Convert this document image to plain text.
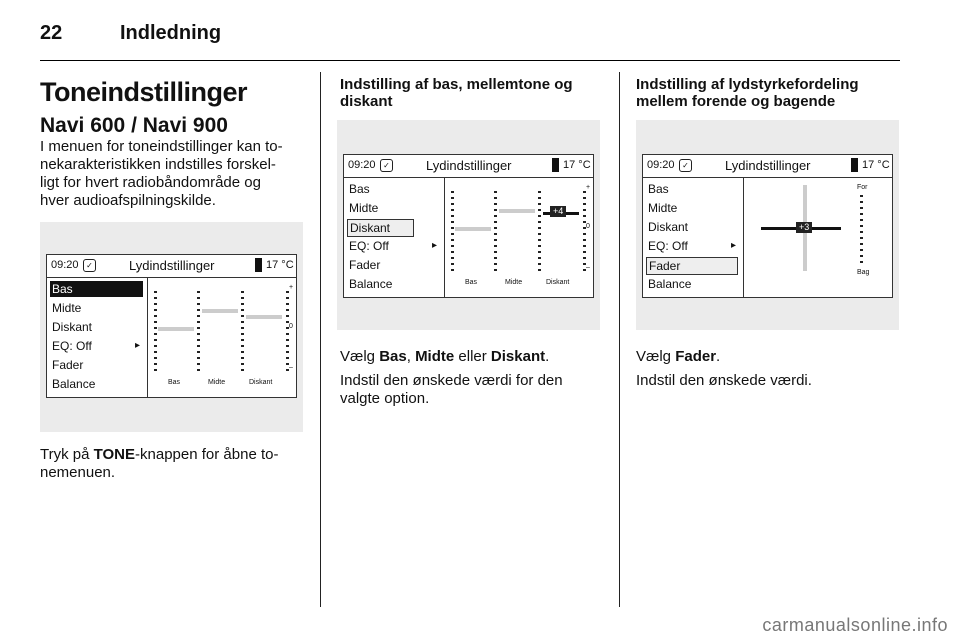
22	Indledning
Toneindstillinger
Navi 600 / Navi 900

I menuen for toneindstillinger kan to-

nekarakteristikken indstilles forskel-

ligt for hvert radiobåndområde og

hver audioafspilningskilde.

09:20 ✓	Lydindstillinger	17 °C
Bas
Midte
Diskant
EQ: Off	▸
Fader
Balance
+
0
–
Bas	Midte	Diskant

Tryk på TONE-knappen for åbne to-

nemenuen.

Indstilling af bas, mellemtone og

diskant

09:20 ✓	Lydindstillinger	17 °C
Bas
Midte
Diskant
EQ: Off	▸
Fader
Balance
+4
+
0
–
Bas	Midte	Diskant

Vælg Bas, Midte eller Diskant.

Indstil den ønskede værdi for den

valgte option.

Indstilling af lydstyrkefordeling

mellem forende og bagende

09:20 ✓	Lydindstillinger	17 °C
Bas
Midte
Diskant
EQ: Off	▸
Fader
Balance
+3
For
Bag

Vælg Fader.

Indstil den ønskede værdi.

carmanualsonline.info
